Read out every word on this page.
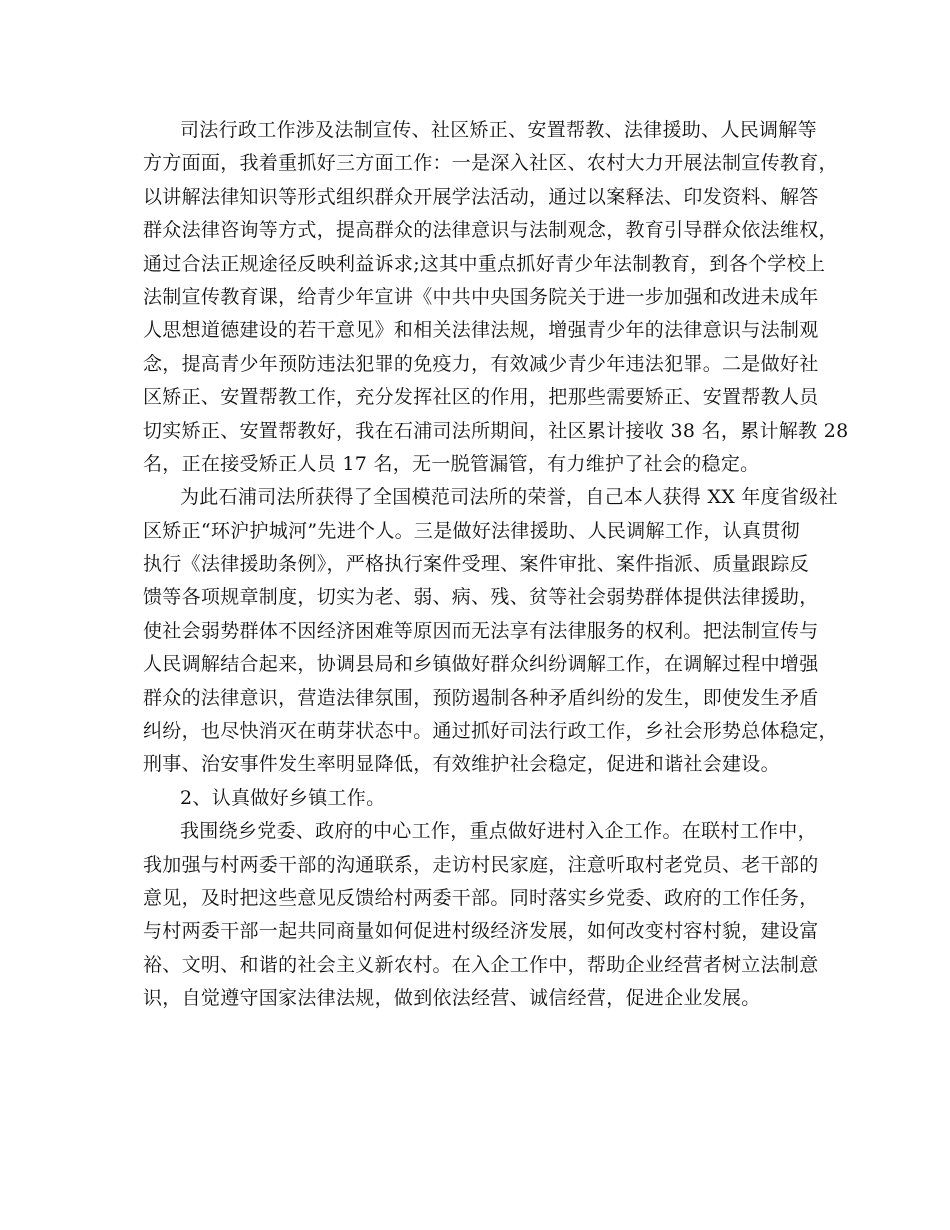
司法行政工作涉及法制宣传、社区矫正、安置帮教、法律援助、人民调解等
方方面面，我着重抓好三方面工作：一是深入社区、农村大力开展法制宣传教育，
以讲解法律知识等形式组织群众开展学法活动，通过以案释法、印发资料、解答
群众法律咨询等方式，提高群众的法律意识与法制观念，教育引导群众依法维权，
通过合法正规途径反映利益诉求;这其中重点抓好青少年法制教育，到各个学校上
法制宣传教育课，给青少年宣讲《中共中央国务院关于进一步加强和改进未成年
人思想道德建设的若干意见》和相关法律法规，增强青少年的法律意识与法制观
念，提高青少年预防违法犯罪的免疫力，有效减少青少年违法犯罪。二是做好社
区矫正、安置帮教工作，充分发挥社区的作用，把那些需要矫正、安置帮教人员
切实矫正、安置帮教好，我在石浦司法所期间，社区累计接收 38 名，累计解教 28
名，正在接受矫正人员 17 名，无一脱管漏管，有力维护了社会的稳定。
为此石浦司法所获得了全国模范司法所的荣誉，自己本人获得 XX 年度省级社
区矫正“环沪护城河”先进个人。三是做好法律援助、人民调解工作，认真贯彻
执行《法律援助条例》，严格执行案件受理、案件审批、案件指派、质量跟踪反
馈等各项规章制度，切实为老、弱、病、残、贫等社会弱势群体提供法律援助，
使社会弱势群体不因经济困难等原因而无法享有法律服务的权利。把法制宣传与
人民调解结合起来，协调县局和乡镇做好群众纠纷调解工作，在调解过程中增强
群众的法律意识，营造法律氛围，预防遏制各种矛盾纠纷的发生，即使发生矛盾
纠纷，也尽快消灭在萌芽状态中。通过抓好司法行政工作，乡社会形势总体稳定，
刑事、治安事件发生率明显降低，有效维护社会稳定，促进和谐社会建设。
2、认真做好乡镇工作。
我围绕乡党委、政府的中心工作，重点做好进村入企工作。在联村工作中，
我加强与村两委干部的沟通联系，走访村民家庭，注意听取村老党员、老干部的
意见，及时把这些意见反馈给村两委干部。同时落实乡党委、政府的工作任务，
与村两委干部一起共同商量如何促进村级经济发展，如何改变村容村貌，建设富
裕、文明、和谐的社会主义新农村。在入企工作中，帮助企业经营者树立法制意
识，自觉遵守国家法律法规，做到依法经营、诚信经营，促进企业发展。
